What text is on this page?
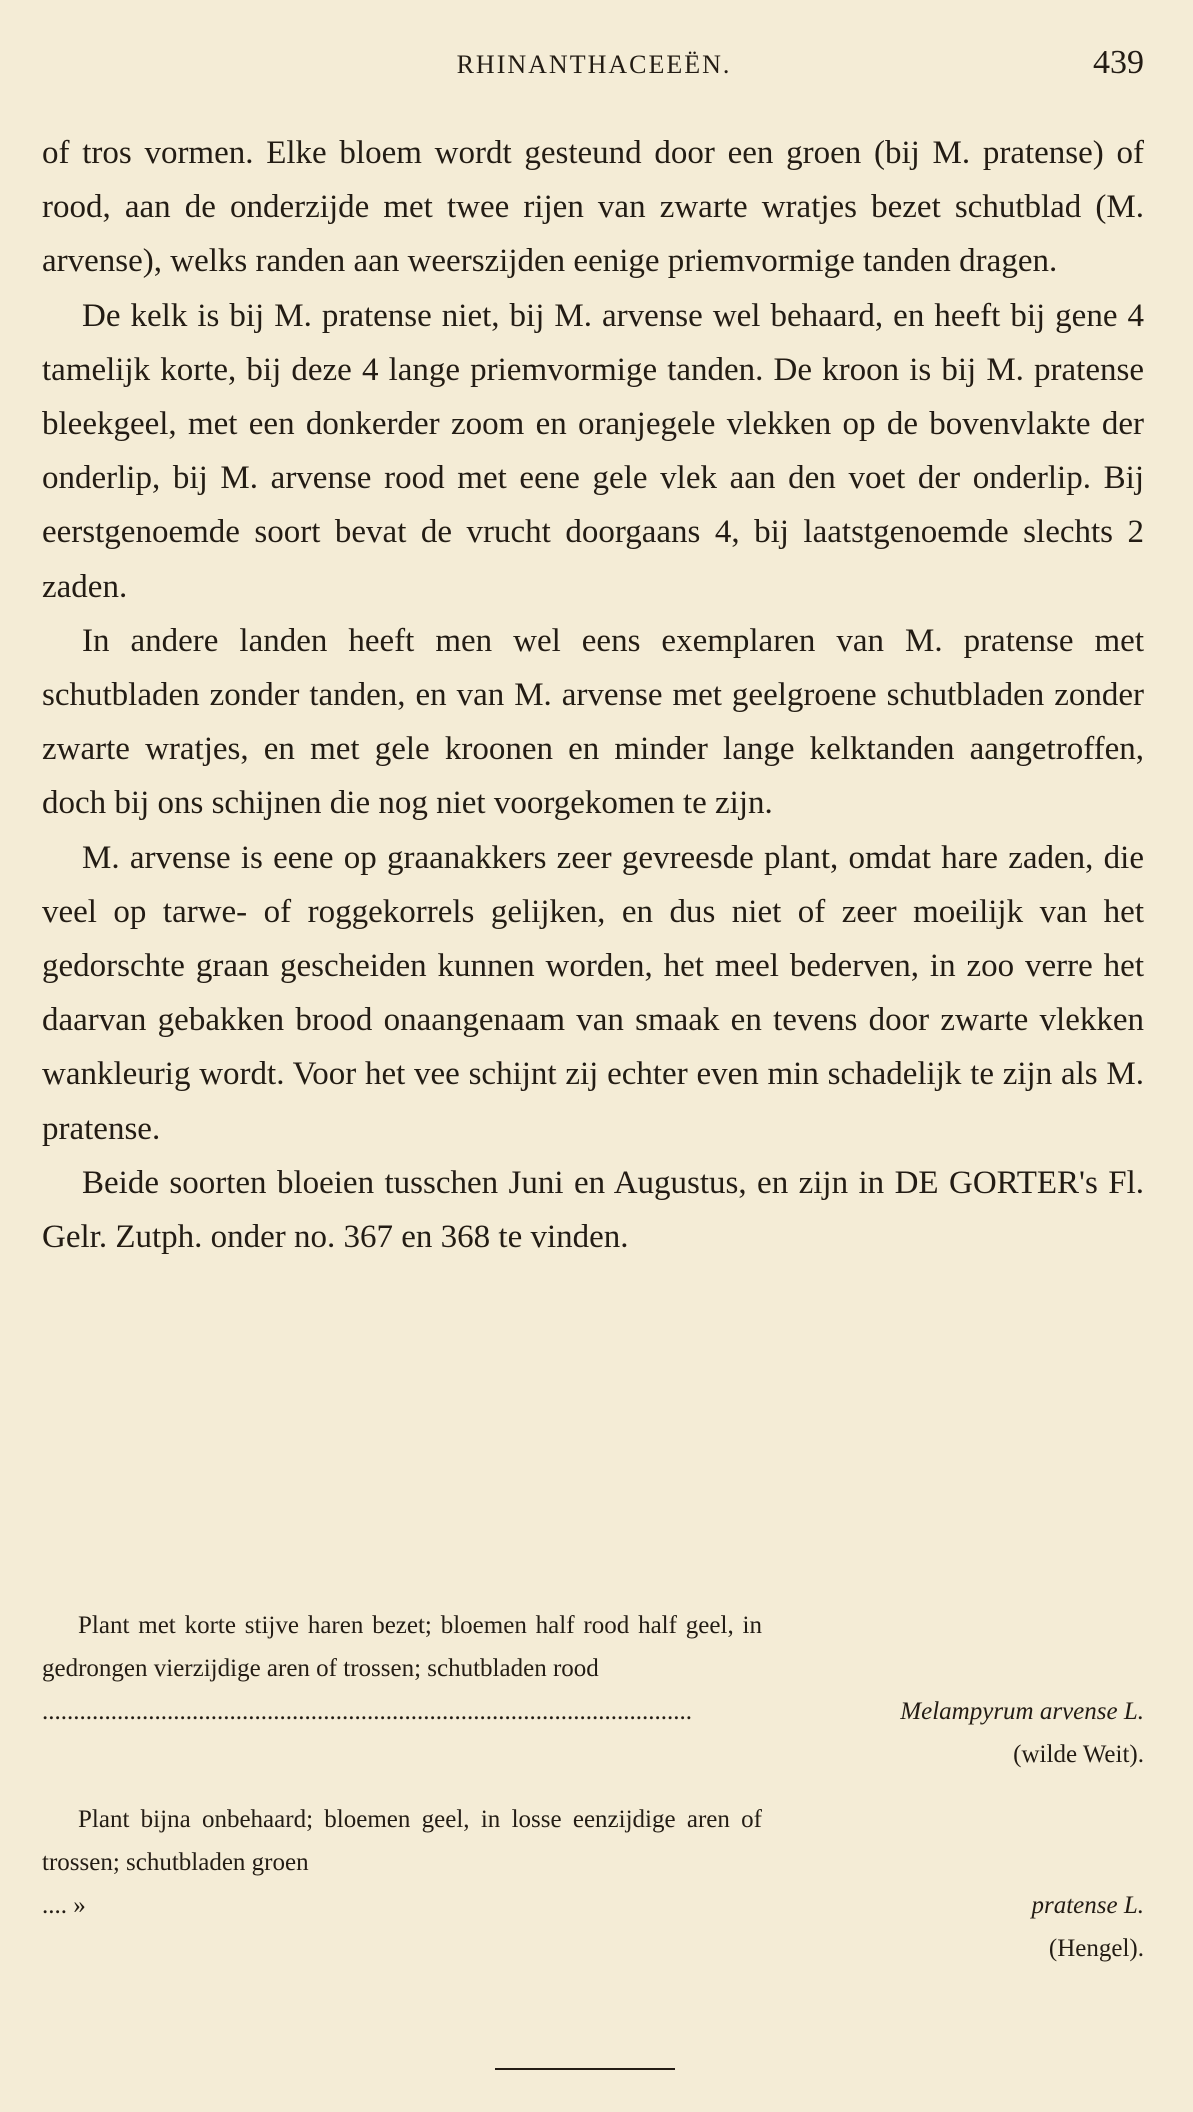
RHINANTHACEEËN.	439

of tros vormen. Elke bloem wordt gesteund door een groen (bij M. pratense) of rood, aan de onderzijde met twee rijen van zwarte wratjes bezet schutblad (M. arvense), welks randen aan weerszijden eenige priemvormige tanden dragen.

De kelk is bij M. pratense niet, bij M. arvense wel behaard, en heeft bij gene 4 tamelijk korte, bij deze 4 lange priemvormige tanden. De kroon is bij M. pratense bleekgeel, met een donkerder zoom en oranjegele vlekken op de bovenvlakte der onderlip, bij M. arvense rood met eene gele vlek aan den voet der onderlip. Bij eerstgenoemde soort bevat de vrucht doorgaans 4, bij laatstgenoemde slechts 2 zaden.

In andere landen heeft men wel eens exemplaren van M. pratense met schutbladen zonder tanden, en van M. arvense met geelgroene schutbladen zonder zwarte wratjes, en met gele kroonen en minder lange kelktanden aangetroffen, doch bij ons schijnen die nog niet voorgekomen te zijn.

M. arvense is eene op graanakkers zeer gevreesde plant, omdat hare zaden, die veel op tarwe- of roggekorrels gelijken, en dus niet of zeer moeilijk van het gedorschte graan gescheiden kunnen worden, het meel bederven, in zoo verre het daarvan gebakken brood onaangenaam van smaak en tevens door zwarte vlekken wankleurig wordt. Voor het vee schijnt zij echter even min schadelijk te zijn als M. pratense.

Beide soorten bloeien tusschen Juni en Augustus, en zijn in DE GORTER's Fl. Gelr. Zutph. onder no. 367 en 368 te vinden.

Plant met korte stijve haren bezet; bloemen half rood half geel, in gedrongen vierzijdige aren of trossen; schutbladen rood
........................................................................................................	Melampyrum arvense L.
(wilde Weit).
Plant bijna onbehaard; bloemen geel, in losse eenzijdige aren of trossen; schutbladen groen
.... »	pratense L.
(Hengel).
